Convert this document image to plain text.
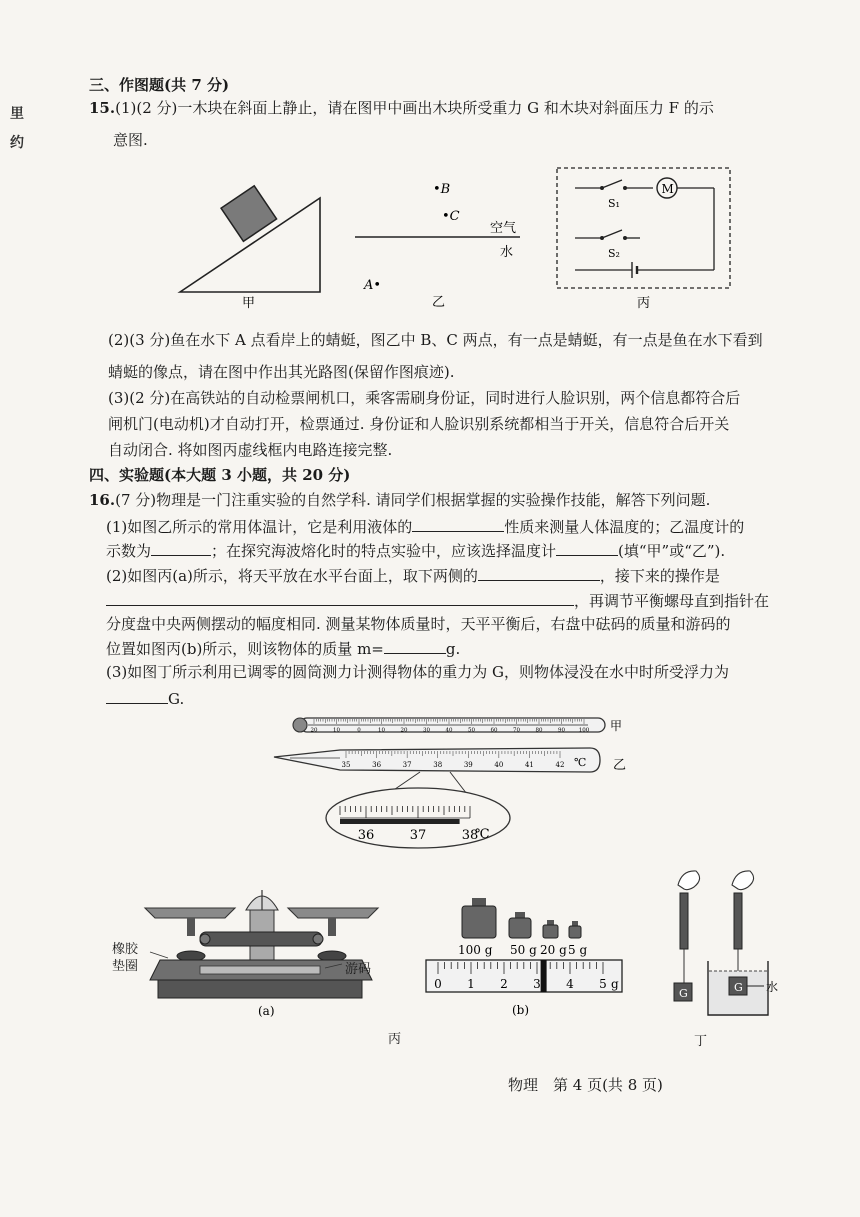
里
约
三、作图题(共 7 分)
15.(1)(2 分)一木块在斜面上静止，请在图甲中画出木块所受重力 G 和木块对斜面压力 F 的示
意图.
甲
•B
•C
空气
水
A•
乙
M
S₁
S₂
丙
(2)(3 分)鱼在水下 A 点看岸上的蜻蜓，图乙中 B、C 两点，有一点是蜻蜓，有一点是鱼在水下看到
蜻蜓的像点，请在图中作出其光路图(保留作图痕迹).
(3)(2 分)在高铁站的自动检票闸机口，乘客需刷身份证，同时进行人脸识别，两个信息都符合后
闸机门(电动机)才自动打开，检票通过. 身份证和人脸识别系统都相当于开关，信息符合后开关
自动闭合. 将如图丙虚线框内电路连接完整.
四、实验题(本大题 3 小题，共 20 分)
16.(7 分)物理是一门注重实验的自然学科. 请同学们根据掌握的实验操作技能，解答下列问题.
(1)如图乙所示的常用体温计，它是利用液体的	性质来测量人体温度的；乙温度计的
示数为	；在探究海波熔化时的特点实验中，应该选择温度计	(填“甲”或“乙”).
(2)如图丙(a)所示，将天平放在水平台面上，取下两侧的	，接下来的操作是
，再调节平衡螺母直到指针在
分度盘中央两侧摆动的幅度相同. 测量某物体质量时，天平平衡后，右盘中砝码的质量和游码的
位置如图丙(b)所示，则该物体的质量 m=	g.
(3)如图丁所示利用已调零的圆筒测力计测得物体的重力为 G，则物体浸没在水中时所受浮力为
G.
20	10	0	10	20	30	40	50	60	70	80	90	100 甲
35	36	37	38	39	40	41	42 ℃ 乙
36	37	38
℃
(a)
橡胶
垫圈	游码
100 g 50 g 20 g 5 g
0 1 2 3 4 5 g
(b)
丙
G	G 水
丁
物理　第 4 页(共 8 页)
